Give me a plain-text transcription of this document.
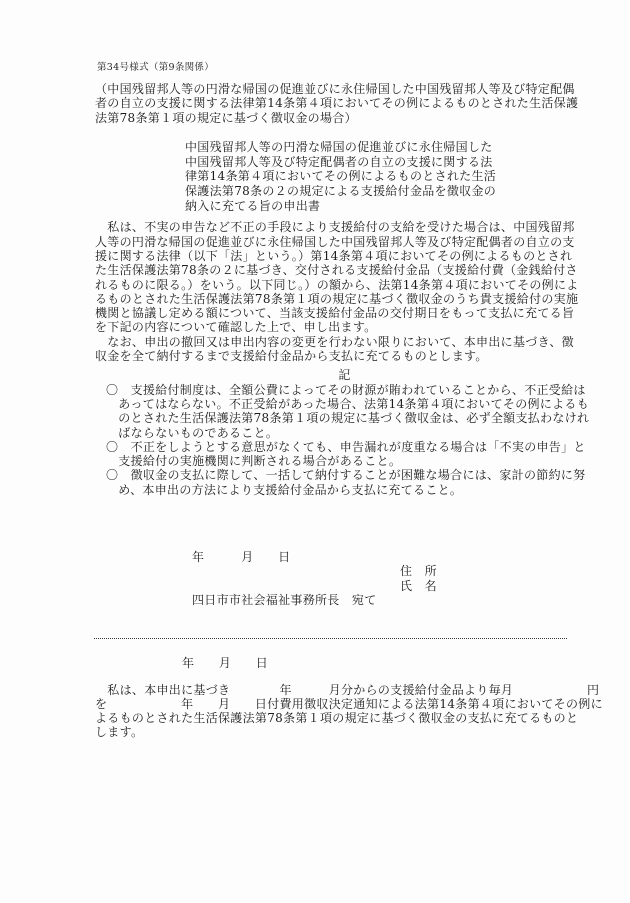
第34号様式（第9条関係）
（中国残留邦人等の円滑な帰国の促進並びに永住帰国した中国残留邦人等及び特定配偶
者の自立の支援に関する法律第14条第４項においてその例によるものとされた生活保護
法第78条第１項の規定に基づく徴収金の場合）
中国残留邦人等の円滑な帰国の促進並びに永住帰国した
中国残留邦人等及び特定配偶者の自立の支援に関する法
律第14条第４項においてその例によるものとされた生活
保護法第78条の２の規定による支援給付金品を徴収金の
納入に充てる旨の申出書
　私は、不実の申告など不正の手段により支援給付の支給を受けた場合は、中国残留邦
人等の円滑な帰国の促進並びに永住帰国した中国残留邦人等及び特定配偶者の自立の支
援に関する法律（以下「法」という。）第14条第４項においてその例によるものとされ
た生活保護法第78条の２に基づき、交付される支援給付金品（支援給付費（金銭給付さ
れるものに限る。）をいう。以下同じ。）の額から、法第14条第４項においてその例によ
るものとされた生活保護法第78条第１項の規定に基づく徴収金のうち貴支援給付の実施
機関と協議し定める額について、当該支援給付金品の交付期日をもって支払に充てる旨
を下記の内容について確認した上で、申し出ます。
　なお、申出の撤回又は申出内容の変更を行わない限りにおいて、本申出に基づき、徴
収金を全て納付するまで支援給付金品から支払に充てるものとします。
記
〇　支援給付制度は、全額公費によってその財源が賄われていることから、不正受給は
　あってはならない。不正受給があった場合、法第14条第４項においてその例によるも
　のとされた生活保護法第78条第１項の規定に基づく徴収金は、必ず全額支払わなけれ
　ばならないものであること。
〇　不正をしようとする意思がなくても、申告漏れが度重なる場合は「不実の申告」と
　支援給付の実施機関に判断される場合があること。
〇　徴収金の支払に際して、一括して納付することが困難な場合には、家計の節約に努
　め、本申出の方法により支援給付金品から支払に充てること。
年　　　月　　日
住　所
氏　名
四日市市社会福祉事務所長　宛て
年　　月　　日
　私は、本申出に基づき　　　　年　　　月分からの支援給付金品より毎月　　　　　　円
を　　　　　　年　　月　　日付費用徴収決定通知による法第14条第４項においてその例に
よるものとされた生活保護法第78条第１項の規定に基づく徴収金の支払に充てるものと
します。
